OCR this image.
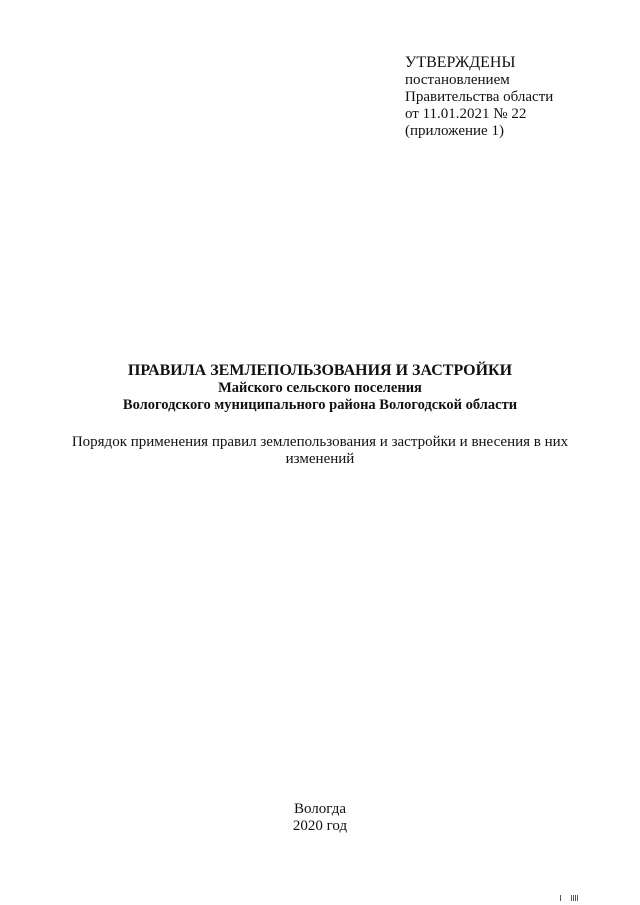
УТВЕРЖДЕНЫ
постановлением
Правительства области
от 11.01.2021 № 22
(приложение 1)
ПРАВИЛА ЗЕМЛЕПОЛЬЗОВАНИЯ И ЗАСТРОЙКИ
Майского сельского поселения
Вологодского муниципального района Вологодской области
Порядок применения правил землепользования и застройки и внесения в них изменений
Вологда
2020 год
